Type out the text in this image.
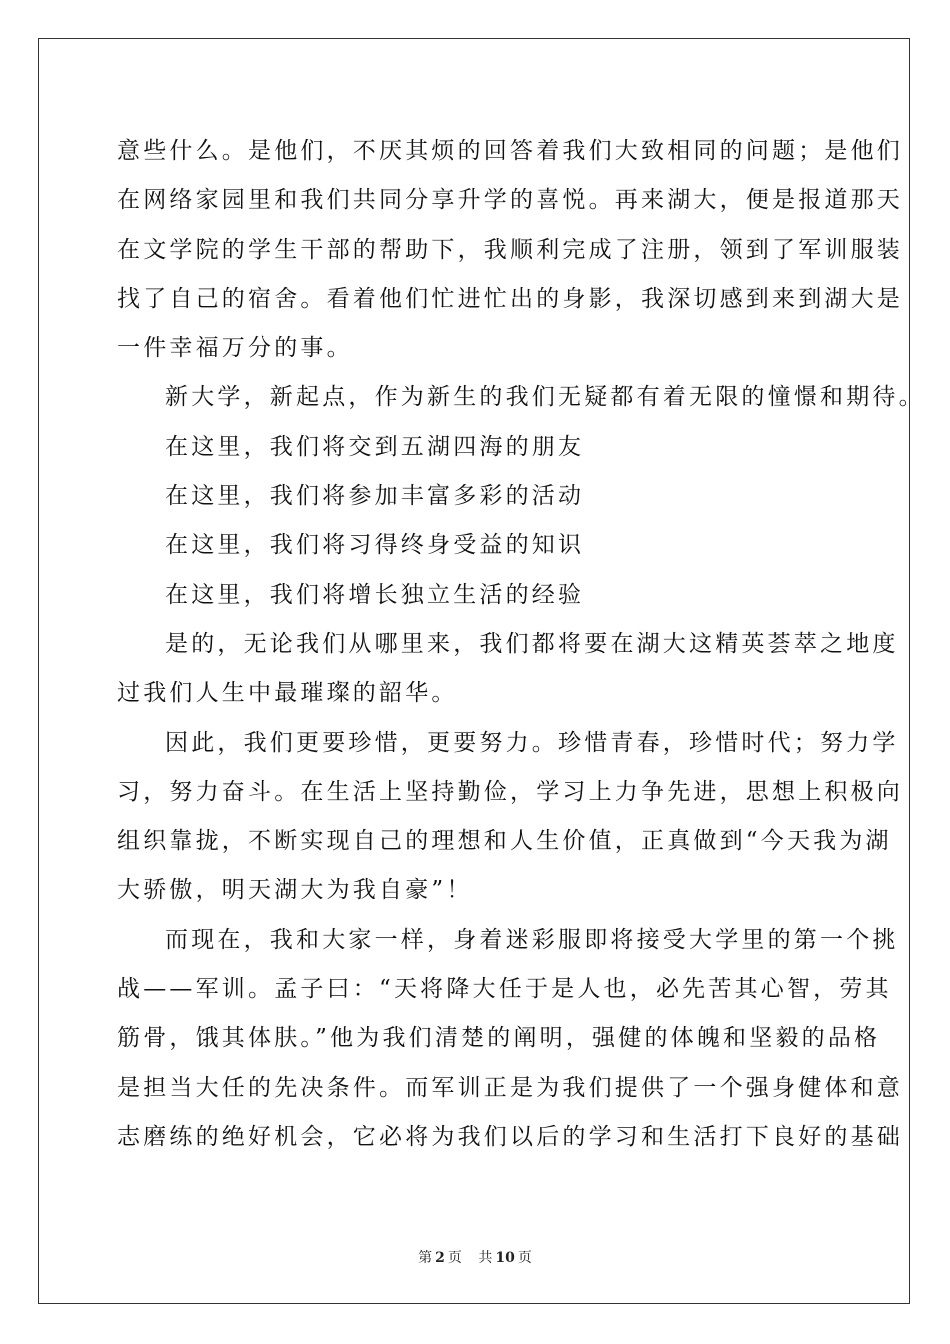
意些什么。是他们，不厌其烦的回答着我们大致相同的问题；是他们
在网络家园里和我们共同分享升学的喜悦。再来湖大，便是报道那天
在文学院的学生干部的帮助下，我顺利完成了注册，领到了军训服装
找了自己的宿舍。看着他们忙进忙出的身影，我深切感到来到湖大是
一件幸福万分的事。
新大学，新起点，作为新生的我们无疑都有着无限的憧憬和期待。
在这里，我们将交到五湖四海的朋友
在这里，我们将参加丰富多彩的活动
在这里，我们将习得终身受益的知识
在这里，我们将增长独立生活的经验
是的，无论我们从哪里来，我们都将要在湖大这精英荟萃之地度
过我们人生中最璀璨的韶华。
因此，我们更要珍惜，更要努力。珍惜青春，珍惜时代；努力学
习，努力奋斗。在生活上坚持勤俭，学习上力争先进，思想上积极向
组织靠拢，不断实现自己的理想和人生价值，正真做到“今天我为湖
大骄傲，明天湖大为我自豪”！
而现在，我和大家一样，身着迷彩服即将接受大学里的第一个挑
战——军训。孟子曰：“天将降大任于是人也，必先苦其心智，劳其
筋骨，饿其体肤。”他为我们清楚的阐明，强健的体魄和坚毅的品格
是担当大任的先决条件。而军训正是为我们提供了一个强身健体和意
志磨练的绝好机会，它必将为我们以后的学习和生活打下良好的基础
第 2 页 共 10 页
